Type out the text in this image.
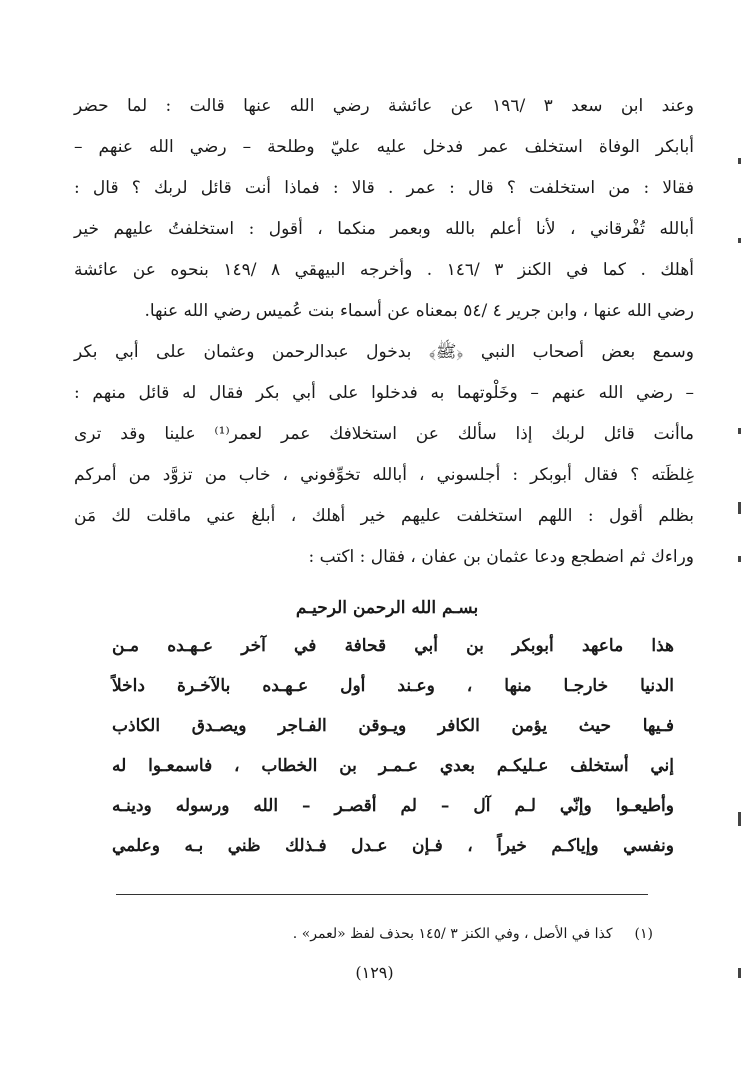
وعند ابن سعد ٣ /١٩٦ عن عائشة رضي الله عنها قالت : لما حضر
أبابكر الوفاة استخلف عمر فدخل عليه عليّ وطلحة – رضي الله عنهم –
فقالا : من استخلفت ؟ قال : عمر . قالا : فماذا أنت قائل لربك ؟ قال :
أبالله تُفْرقاني ، لأنا أعلم بالله وبعمر منكما ، أقول : استخلفتُ عليهم خير
أهلك . كما في الكنز ٣ /١٤٦ . وأخرجه البيهقي ٨ /١٤٩ بنحوه عن عائشة
رضي الله عنها ، وابن جرير ٤ /٥٤ بمعناه عن أسماء بنت عُميس رضي الله عنها.
وسمع بعض أصحاب النبي ﴿ﷺ﴾ بدخول عبدالرحمن وعثمان على أبي بكر
– رضي الله عنهم – وخَلْوتهما به فدخلوا على أبي بكر فقال له قائل منهم :
ماأنت قائل لربك إذا سألك عن استخلافك عمر لعمر⁽¹⁾ علينا وقد ترى
غِلظَته ؟ فقال أبوبكر : أجلسوني ، أبالله تخوِّفوني ، خاب من تزوَّد من أمركم
بظلم أقول : اللهم استخلفت عليهم خير أهلك ، أبلغ عني ماقلت لك مَن
وراءك ثم اضطجع ودعا عثمان بن عفان ، فقال : اكتب :
بسـم الله الرحمن الرحيـم
هذا ماعهد أبوبكر بن أبي قحافة في آخر عـهـده مـن
الدنيا خارجـا منها ، وعـند أول عـهـده بالآخـرة داخلاً
فـيها حيث يؤمن الكافر ويـوقن الفـاجر ويصـدق الكاذب
إني أستخلف عـليكـم بعدي عـمـر بن الخطاب ، فاسمعـوا له
وأطيعـوا وإنّي لـم آل – لم أقصـر – الله ورسوله ودينـه
ونفسي وإياكـم خيراً ، فـإن عـدل فـذلك ظني بـه وعلمي
(١)كذا في الأصل ، وفي الكنز ٣ /١٤٥ بحذف لفظ «لعمر» .
(١٢٩)
